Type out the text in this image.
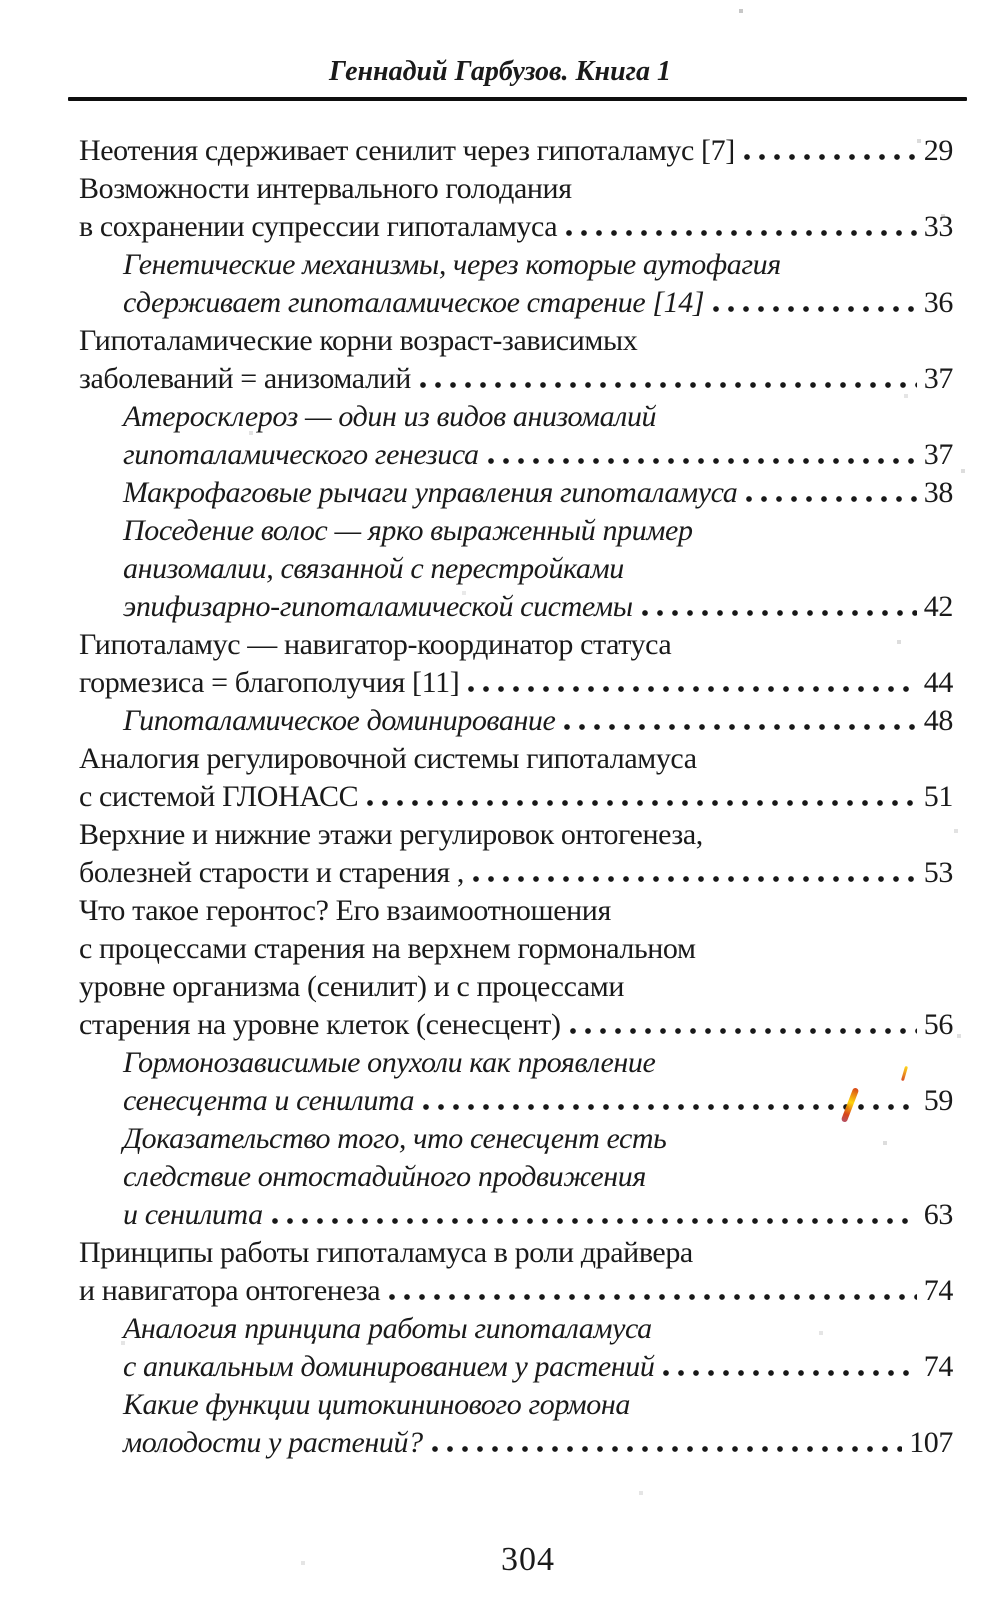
Геннадий Гарбузов. Книга 1
Неотения сдерживает сенилит через гипоталамус [7]	29
Возможности интервального голодания
в сохранении супрессии гипоталамуса	33
Генетические механизмы, через которые аутофагия
сдерживает гипоталамическое старение [14]	36
Гипоталамические корни возраст-зависимых
заболеваний = анизомалий	37
Атеросклероз — один из видов анизомалий
гипоталамического генезиса	37
Макрофаговые рычаги управления гипоталамуса	38
Поседение волос — ярко выраженный пример
анизомалии, связанной с перестройками
эпифизарно-гипоталамической системы	42
Гипоталамус — навигатор-координатор статуса
гормезиса = благополучия [11]	44
Гипоталамическое доминирование	48
Аналогия регулировочной системы гипоталамуса
с системой ГЛОНАСС	51
Верхние и нижние этажи регулировок онтогенеза,
болезней старости и старения ,	53
Что такое геронтос? Его взаимоотношения
с процессами старения на верхнем гормональном
уровне организма (сенилит) и с процессами
старения на уровне клеток (сенесцент)	56
Гормонозависимые опухоли как проявление
сенесцента и сенилита	59
Доказательство того, что сенесцент есть
следствие онтостадийного продвижения
и сенилита	63
Принципы работы гипоталамуса в роли драйвера
и навигатора онтогенеза	74
Аналогия принципа работы гипоталамуса
с апикальным доминированием у растений	74
Какие функции цитокининового гормона
молодости у растений?	107
304
